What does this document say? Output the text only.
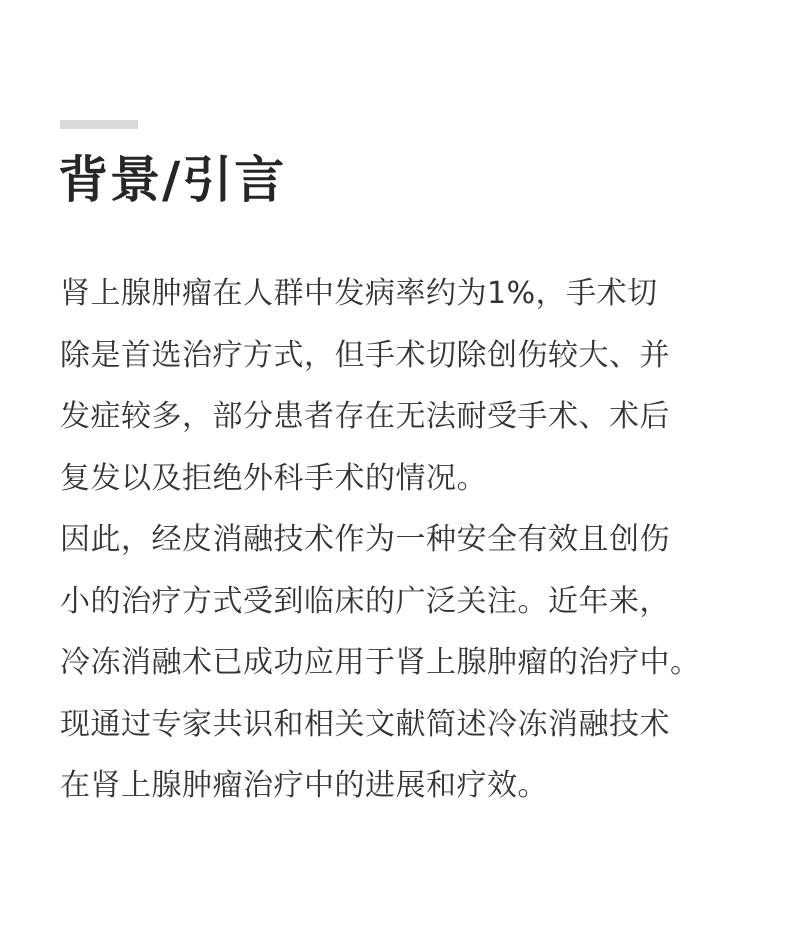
背景/引言

肾上腺肿瘤在人群中发病率约为1%，手术切
除是首选治疗方式，但手术切除创伤较大、并
发症较多，部分患者存在无法耐受手术、术后
复发以及拒绝外科手术的情况。

因此，经皮消融技术作为一种安全有效且创伤
小的治疗方式受到临床的广泛关注。近年来，
冷冻消融术已成功应用于肾上腺肿瘤的治疗中。
现通过专家共识和相关文献简述冷冻消融技术
在肾上腺肿瘤治疗中的进展和疗效。
